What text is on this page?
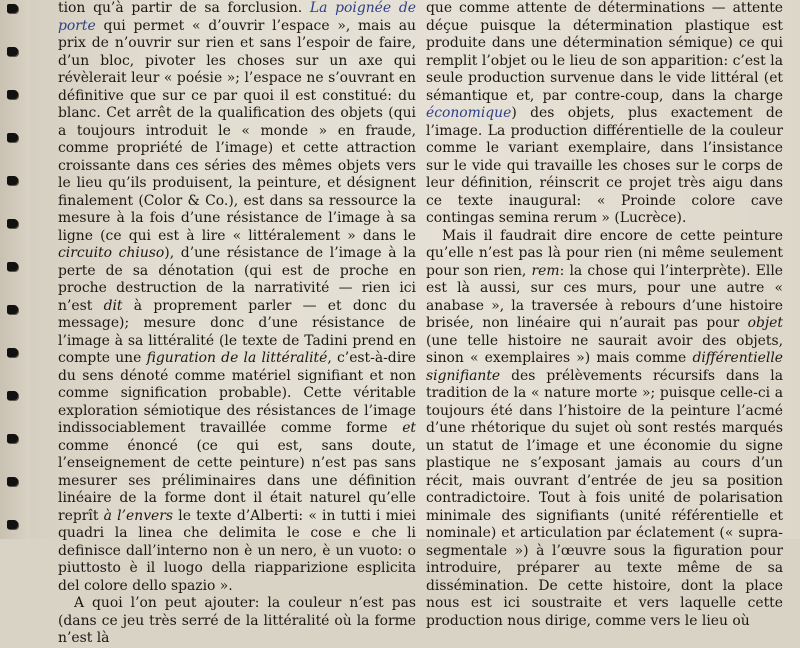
tion qu’à partir de sa forclusion. La poignée de porte qui permet « d’ouvrir l’espace », mais au prix de n’ouvrir sur rien et sans l’espoir de faire, d’un bloc, pivoter les choses sur un axe qui révèlerait leur « poésie »; l’espace ne s’ouvrant en définitive que sur ce par quoi il est constitué: du blanc. Cet arrêt de la qualification des objets (qui a toujours introduit le « monde » en fraude, comme propriété de l’image) et cette attraction croissante dans ces séries des mêmes objets vers le lieu qu’ils produisent, la peinture, et désignent finalement (Color & Co.), est dans sa ressource la mesure à la fois d’une résistance de l’image à sa ligne (ce qui est à lire « littéralement » dans le circuito chiuso), d’une résistance de l’image à la perte de sa dénotation (qui est de proche en proche destruction de la narrativité — rien ici n’est dit à proprement parler — et donc du message); mesure donc d’une résistance de l’image à sa littéralité (le texte de Tadini prend en compte une figuration de la littéralité, c’est-à-dire du sens dénoté comme matériel signifiant et non comme signification probable). Cette véritable exploration sémiotique des résistances de l’image indissociablement travaillée comme forme et comme énoncé (ce qui est, sans doute, l’enseignement de cette peinture) n’est pas sans mesurer ses préliminaires dans une définition linéaire de la forme dont il était naturel qu’elle reprît à l’envers le texte d’Alberti: « in tutti i miei quadri la linea che delimita le cose e che li definisce dall’interno non è un nero, è un vuoto: o piuttosto è il luogo della riapparizione esplicita del colore dello spazio ».

A quoi l’on peut ajouter: la couleur n’est pas (dans ce jeu très serré de la littéralité où la forme n’est là

que comme attente de déterminations — attente déçue puisque la détermination plastique est produite dans une détermination sémique) ce qui remplit l’objet ou le lieu de son apparition: c’est la seule production survenue dans le vide littéral (et sémantique et, par contre-coup, dans la charge économique) des objets, plus exactement de l’image. La production différentielle de la couleur comme le variant exemplaire, dans l’insistance sur le vide qui travaille les choses sur le corps de leur définition, réinscrit ce projet très aigu dans ce texte inaugural: « Proinde colore cave contingas semina rerum » (Lucrèce).

Mais il faudrait dire encore de cette peinture qu’elle n’est pas là pour rien (ni même seulement pour son rien, rem: la chose qui l’interprète). Elle est là aussi, sur ces murs, pour une autre « anabase », la traversée à rebours d’une histoire brisée, non linéaire qui n’aurait pas pour objet (une telle histoire ne saurait avoir des objets, sinon « exemplaires ») mais comme différentielle signifiante des prélèvements récursifs dans la tradition de la « nature morte »; puisque celle-ci a toujours été dans l’histoire de la peinture l’acmé d’une rhétorique du sujet où sont restés marqués un statut de l’image et une économie du signe plastique ne s’exposant jamais au cours d’un récit, mais ouvrant d’entrée de jeu sa position contradictoire. Tout à fois unité de polarisation minimale des signifiants (unité référentielle et nominale) et articulation par éclatement (« supra-segmentale ») à l’œuvre sous la figuration pour introduire, préparer au texte même de sa dissémination. De cette histoire, dont la place nous est ici soustraite et vers laquelle cette production nous dirige, comme vers le lieu où
